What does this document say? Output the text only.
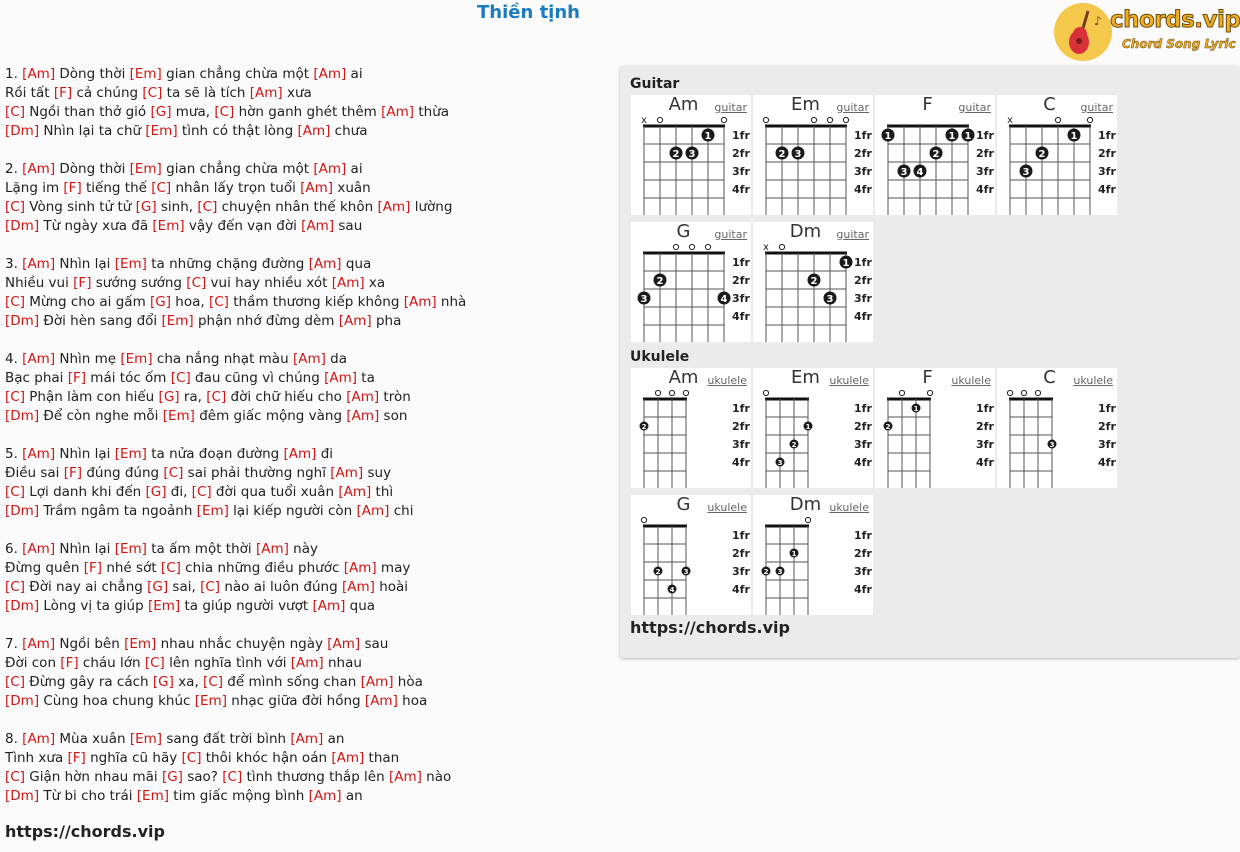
Thiền tịnh	♪ chords.vip
Chord Song Lyric
1. [Am] Dòng thời [Em] gian chẳng chừa một [Am] ai
Rồi tất [F] cả chúng [C] ta sẽ là tích [Am] xưa
[C] Ngồi than thở gió [G] mưa, [C] hờn ganh ghét thêm [Am] thừa
[Dm] Nhìn lại ta chữ [Em] tình có thật lòng [Am] chưa
2. [Am] Dòng thời [Em] gian chẳng chừa một [Am] ai
Lặng im [F] tiếng thế [C] nhân lấy trọn tuổi [Am] xuân
[C] Vòng sinh tử tử [G] sinh, [C] chuyện nhân thế khôn [Am] lường
[Dm] Từ ngày xưa đã [Em] vậy đến vạn đời [Am] sau
3. [Am] Nhìn lại [Em] ta những chặng đường [Am] qua
Nhiều vui [F] sướng sướng [C] vui hay nhiều xót [Am] xa
[C] Mừng cho ai gấm [G] hoa, [C] thầm thương kiếp không [Am] nhà
[Dm] Đời hèn sang đổi [Em] phận nhớ đừng dèm [Am] pha
4. [Am] Nhìn mẹ [Em] cha nắng nhạt màu [Am] da
Bạc phai [F] mái tóc ốm [C] đau cũng vì chúng [Am] ta
[C] Phận làm con hiếu [G] ra, [C] đời chữ hiếu cho [Am] tròn
[Dm] Để còn nghe mỗi [Em] đêm giấc mộng vàng [Am] son
5. [Am] Nhìn lại [Em] ta nửa đoạn đường [Am] đi
Điều sai [F] đúng đúng [C] sai phải thường nghĩ [Am] suy
[C] Lợi danh khi đến [G] đi, [C] đời qua tuổi xuân [Am] thì
[Dm] Trầm ngâm ta ngoảnh [Em] lại kiếp người còn [Am] chi
6. [Am] Nhìn lại [Em] ta ấm một thời [Am] này
Đừng quên [F] nhé sớt [C] chia những điều phước [Am] may
[C] Đời nay ai chẳng [G] sai, [C] nào ai luôn đúng [Am] hoài
[Dm] Lòng vị ta giúp [Em] ta giúp người vượt [Am] qua
7. [Am] Ngồi bên [Em] nhau nhắc chuyện ngày [Am] sau
Đời con [F] cháu lớn [C] lên nghĩa tình với [Am] nhau
[C] Đừng gây ra cách [G] xa, [C] để mình sống chan [Am] hòa
[Dm] Cùng hoa chung khúc [Em] nhạc giữa đời hồng [Am] hoa
8. [Am] Mùa xuân [Em] sang đất trời bình [Am] an
Tình xưa [F] nghĩa cũ hãy [C] thôi khóc hận oán [Am] than
[C] Giận hờn nhau mãi [G] sao? [C] tình thương thắp lên [Am] nào
[Dm] Từ bi cho trái [Em] tim giấc mộng bình [Am] an
https://chords.vip
Guitar
Ukulele
https://chords.vip
Am	guitar
x
1
2 3
1fr
2fr
3fr
4fr
Em	guitar
2 3
1fr
2fr
3fr
4fr
F	guitar
1	1 1
2
3 4
1fr
2fr
3fr
4fr
C	guitar
x
1
2
3
1fr
2fr
3fr
4fr
G	guitar
2
3	4
1fr
2fr
3fr
4fr
Dm	guitar
x
1
2
3
1fr
2fr
3fr
4fr
Am ukulele
2
1fr
2fr
3fr
4fr
Em ukulele
1
2
3
1fr
2fr
3fr
4fr
F	ukulele
1
2
1fr
2fr
3fr
4fr
C	ukulele
3
1fr
2fr
3fr
4fr
G	ukulele
2	3
4
1fr
2fr
3fr
4fr
Dm ukulele
1
2 3
1fr
2fr
3fr
4fr
